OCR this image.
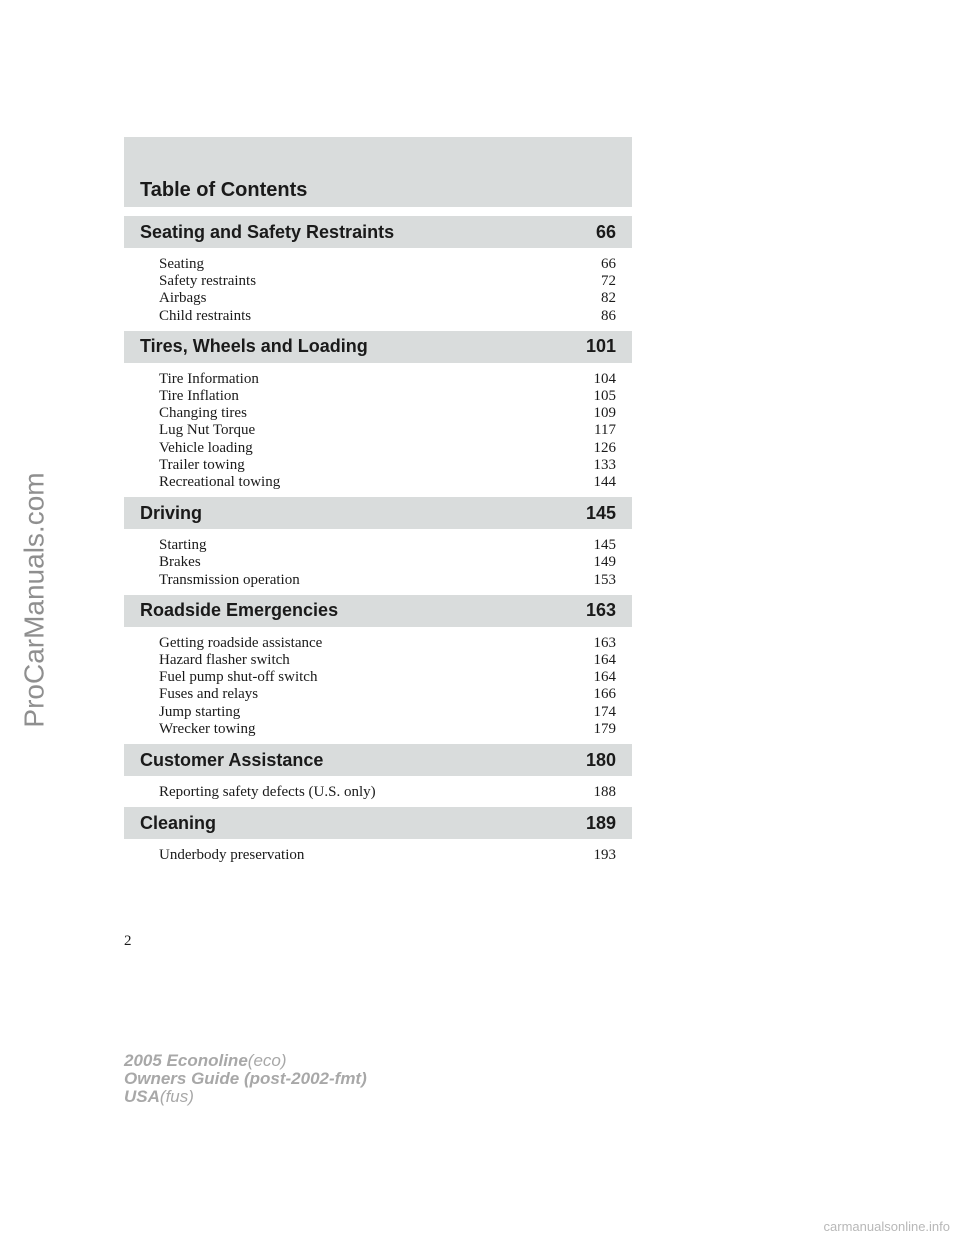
ProCarManuals.com
Table of Contents
Seating and Safety Restraints	66
Seating	66
Safety restraints	72
Airbags	82
Child restraints	86
Tires, Wheels and Loading	101
Tire Information	104
Tire Inflation	105
Changing tires	109
Lug Nut Torque	117
Vehicle loading	126
Trailer towing	133
Recreational towing	144
Driving	145
Starting	145
Brakes	149
Transmission operation	153
Roadside Emergencies	163
Getting roadside assistance	163
Hazard flasher switch	164
Fuel pump shut-off switch	164
Fuses and relays	166
Jump starting	174
Wrecker towing	179
Customer Assistance	180
Reporting safety defects (U.S. only)	188
Cleaning	189
Underbody preservation	193
2
2005 Econoline(eco)
Owners Guide (post-2002-fmt)
USA(fus)
carmanualsonline.info
